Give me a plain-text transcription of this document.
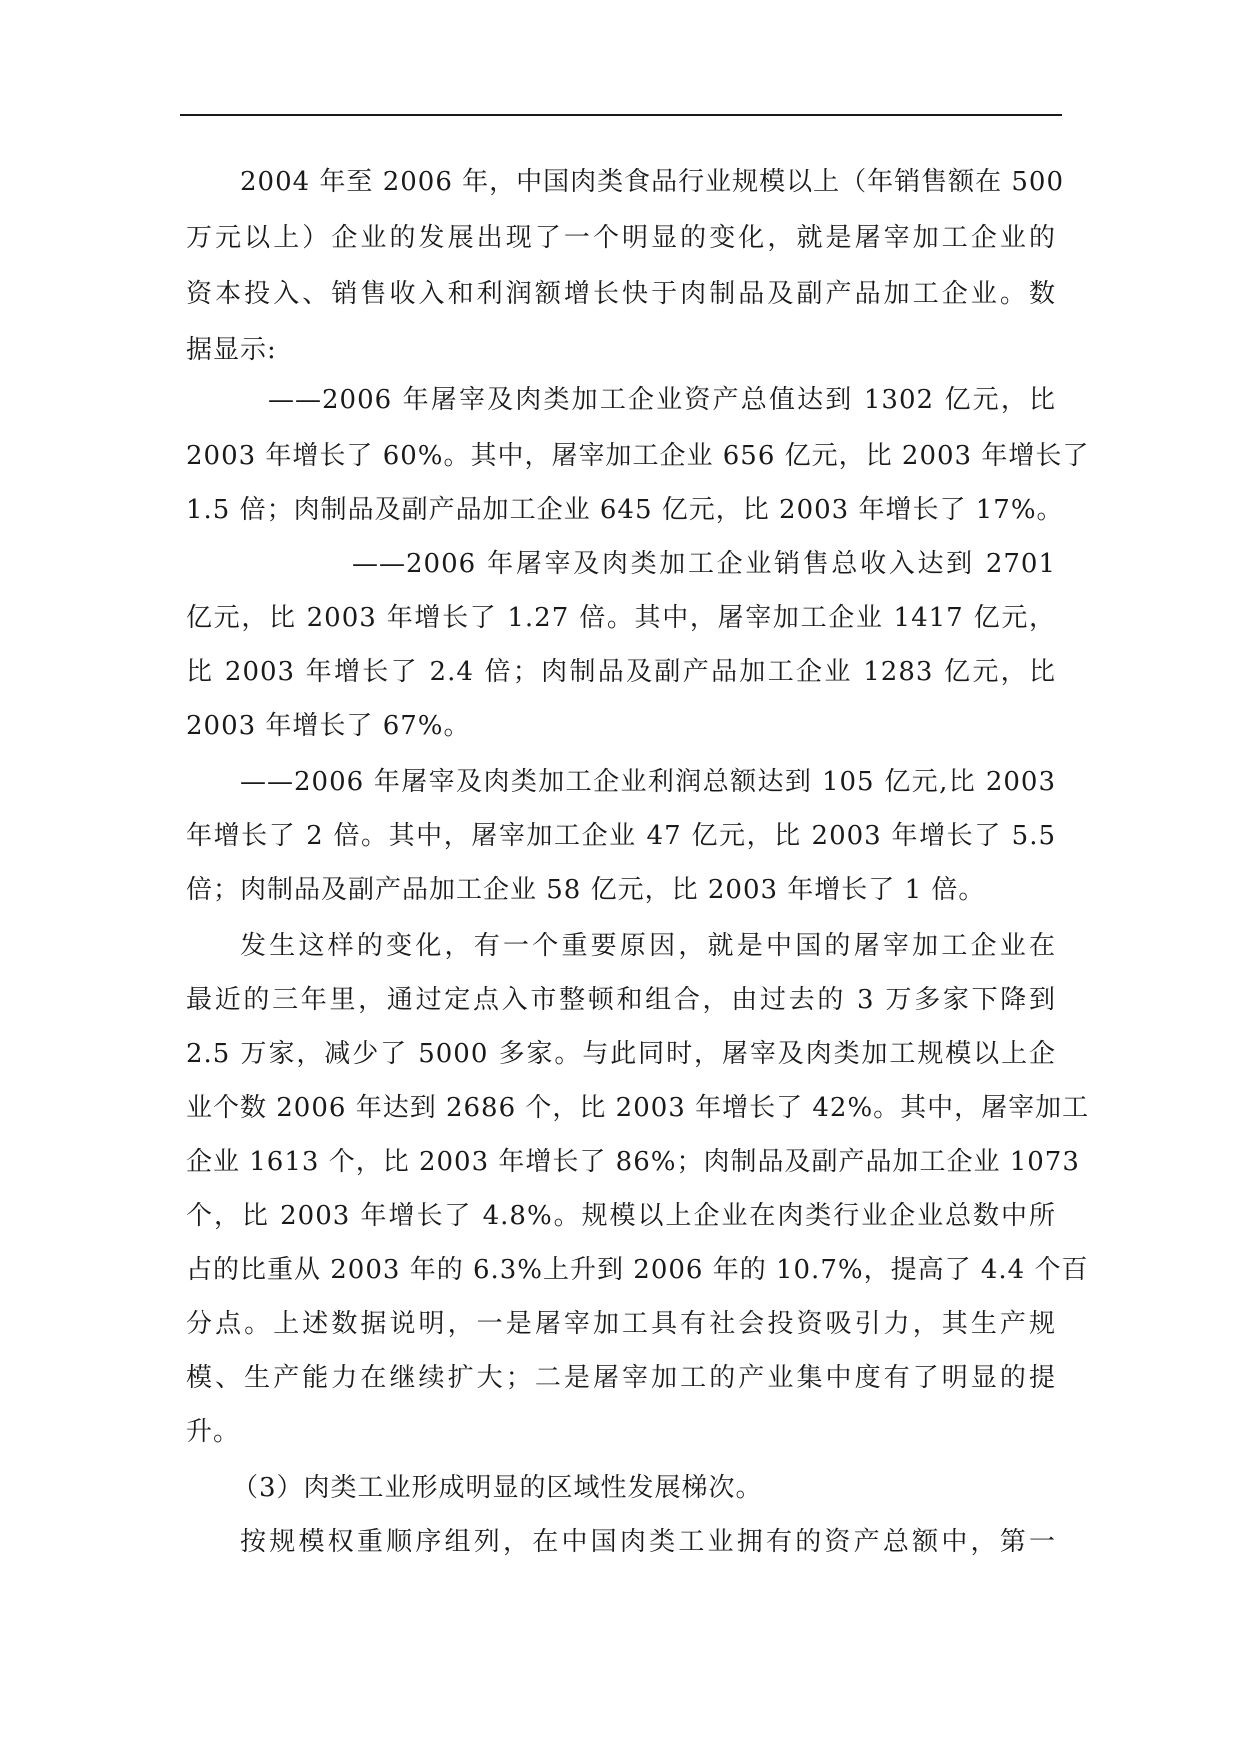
2004 年至 2006 年，中国肉类食品行业规模以上（年销售额在 500
万元以上）企业的发展出现了一个明显的变化，就是屠宰加工企业的
资本投入、销售收入和利润额增长快于肉制品及副产品加工企业。数
据显示:
——2006 年屠宰及肉类加工企业资产总值达到 1302 亿元，比
2003 年增长了 60%。其中，屠宰加工企业 656 亿元，比 2003 年增长了
1.5 倍；肉制品及副产品加工企业 645 亿元，比 2003 年增长了 17%。
——2006 年屠宰及肉类加工企业销售总收入达到 2701
亿元，比 2003 年增长了 1.27 倍。其中，屠宰加工企业 1417 亿元，
比 2003 年增长了 2.4 倍；肉制品及副产品加工企业 1283 亿元，比
2003 年增长了 67%。
——2006 年屠宰及肉类加工企业利润总额达到 105 亿元,比 2003
年增长了 2 倍。其中，屠宰加工企业 47 亿元，比 2003 年增长了 5.5
倍；肉制品及副产品加工企业 58 亿元，比 2003 年增长了 1 倍。
发生这样的变化，有一个重要原因，就是中国的屠宰加工企业在
最近的三年里，通过定点入市整顿和组合，由过去的 3 万多家下降到
2.5 万家，减少了 5000 多家。与此同时，屠宰及肉类加工规模以上企
业个数 2006 年达到 2686 个，比 2003 年增长了 42%。其中，屠宰加工
企业 1613 个，比 2003 年增长了 86%；肉制品及副产品加工企业 1073
个，比 2003 年增长了 4.8%。规模以上企业在肉类行业企业总数中所
占的比重从 2003 年的 6.3%上升到 2006 年的 10.7%，提高了 4.4 个百
分点。上述数据说明，一是屠宰加工具有社会投资吸引力，其生产规
模、生产能力在继续扩大；二是屠宰加工的产业集中度有了明显的提
升。
（3）肉类工业形成明显的区域性发展梯次。
按规模权重顺序组列，在中国肉类工业拥有的资产总额中，第一
